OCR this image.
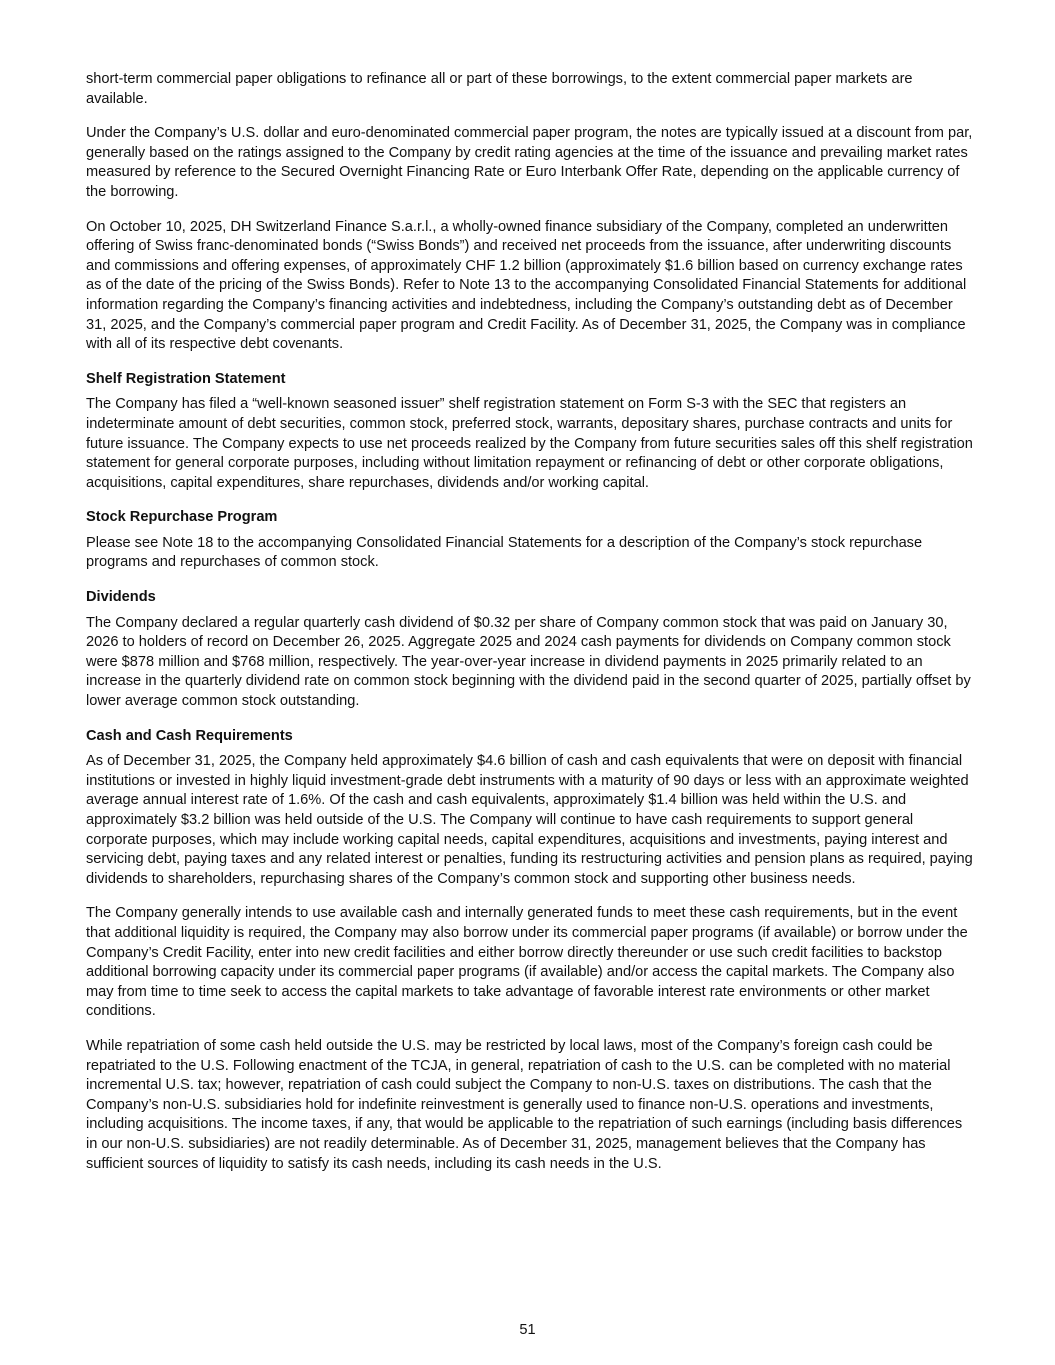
short-term commercial paper obligations to refinance all or part of these borrowings, to the extent commercial paper markets are available.

Under the Company’s U.S. dollar and euro-denominated commercial paper program, the notes are typically issued at a discount from par, generally based on the ratings assigned to the Company by credit rating agencies at the time of the issuance and prevailing market rates measured by reference to the Secured Overnight Financing Rate or Euro Interbank Offer Rate, depending on the applicable currency of the borrowing.

On October 10, 2025, DH Switzerland Finance S.a.r.l., a wholly-owned finance subsidiary of the Company, completed an underwritten offering of Swiss franc-denominated bonds (“Swiss Bonds”) and received net proceeds from the issuance, after underwriting discounts and commissions and offering expenses, of approximately CHF 1.2 billion (approximately $1.6 billion based on currency exchange rates as of the date of the pricing of the Swiss Bonds). Refer to Note 13 to the accompanying Consolidated Financial Statements for additional information regarding the Company’s financing activities and indebtedness, including the Company’s outstanding debt as of December 31, 2025, and the Company’s commercial paper program and Credit Facility. As of December 31, 2025, the Company was in compliance with all of its respective debt covenants.

Shelf Registration Statement

The Company has filed a “well-known seasoned issuer” shelf registration statement on Form S-3 with the SEC that registers an indeterminate amount of debt securities, common stock, preferred stock, warrants, depositary shares, purchase contracts and units for future issuance. The Company expects to use net proceeds realized by the Company from future securities sales off this shelf registration statement for general corporate purposes, including without limitation repayment or refinancing of debt or other corporate obligations, acquisitions, capital expenditures, share repurchases, dividends and/or working capital.

Stock Repurchase Program

Please see Note 18 to the accompanying Consolidated Financial Statements for a description of the Company’s stock repurchase programs and repurchases of common stock.

Dividends

The Company declared a regular quarterly cash dividend of $0.32 per share of Company common stock that was paid on January 30, 2026 to holders of record on December 26, 2025. Aggregate 2025 and 2024 cash payments for dividends on Company common stock were $878 million and $768 million, respectively. The year-over-year increase in dividend payments in 2025 primarily related to an increase in the quarterly dividend rate on common stock beginning with the dividend paid in the second quarter of 2025, partially offset by lower average common stock outstanding.

Cash and Cash Requirements

As of December 31, 2025, the Company held approximately $4.6 billion of cash and cash equivalents that were on deposit with financial institutions or invested in highly liquid investment-grade debt instruments with a maturity of 90 days or less with an approximate weighted average annual interest rate of 1.6%. Of the cash and cash equivalents, approximately $1.4 billion was held within the U.S. and approximately $3.2 billion was held outside of the U.S. The Company will continue to have cash requirements to support general corporate purposes, which may include working capital needs, capital expenditures, acquisitions and investments, paying interest and servicing debt, paying taxes and any related interest or penalties, funding its restructuring activities and pension plans as required, paying dividends to shareholders, repurchasing shares of the Company’s common stock and supporting other business needs.

The Company generally intends to use available cash and internally generated funds to meet these cash requirements, but in the event that additional liquidity is required, the Company may also borrow under its commercial paper programs (if available) or borrow under the Company’s Credit Facility, enter into new credit facilities and either borrow directly thereunder or use such credit facilities to backstop additional borrowing capacity under its commercial paper programs (if available) and/or access the capital markets. The Company also may from time to time seek to access the capital markets to take advantage of favorable interest rate environments or other market conditions.

While repatriation of some cash held outside the U.S. may be restricted by local laws, most of the Company’s foreign cash could be repatriated to the U.S. Following enactment of the TCJA, in general, repatriation of cash to the U.S. can be completed with no material incremental U.S. tax; however, repatriation of cash could subject the Company to non-U.S. taxes on distributions. The cash that the Company’s non-U.S. subsidiaries hold for indefinite reinvestment is generally used to finance non-U.S. operations and investments, including acquisitions. The income taxes, if any, that would be applicable to the repatriation of such earnings (including basis differences in our non-U.S. subsidiaries) are not readily determinable. As of December 31, 2025, management believes that the Company has sufficient sources of liquidity to satisfy its cash needs, including its cash needs in the U.S.

51
